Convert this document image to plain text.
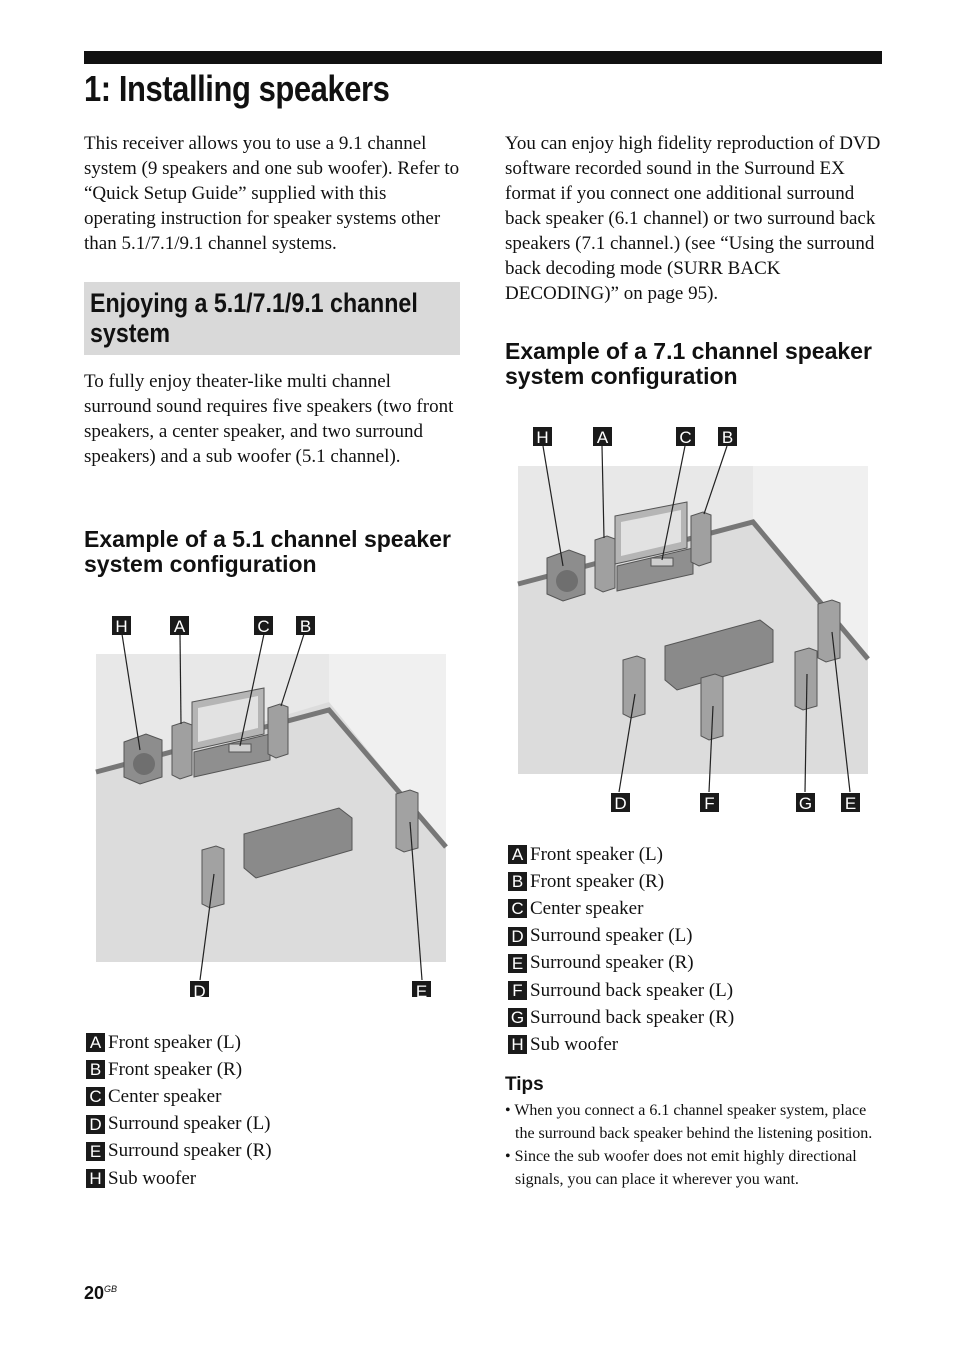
1: Installing speakers

This receiver allows you to use a 9.1 channel system (9 speakers and one sub woofer). Refer to “Quick Setup Guide” supplied with this operating instruction for speaker systems other than 5.1/7.1/9.1 channel systems.

You can enjoy high fidelity reproduction of DVD software recorded sound in the Surround EX format if you connect one additional surround back speaker (6.1 channel) or two surround back speakers (7.1 channel.) (see “Using the surround back decoding mode (SURR BACK DECODING)” on page 95).

Enjoying a 5.1/7.1/9.1 channel system

To fully enjoy theater-like multi channel surround sound requires five speakers (two front speakers, a center speaker, and two surround speakers) and a sub woofer (5.1 channel).

Example of a 5.1 channel speaker system configuration
Example of a 7.1 channel speaker system configuration
H	A	C B
D	E
H	A	C B
D	F	G E
A Front speaker (L)
B Front speaker (R)
C Center speaker
D Surround speaker (L)
E Surround speaker (R)
H Sub woofer
A Front speaker (L)
B Front speaker (R)
C Center speaker
D Surround speaker (L)
E Surround speaker (R)
F Surround back speaker (L)
G Surround back speaker (R)
H Sub woofer
Tips
• When you connect a 6.1 channel speaker system, place the surround back speaker behind the listening position.
• Since the sub woofer does not emit highly directional signals, you can place it wherever you want.
$20^{GB}$
